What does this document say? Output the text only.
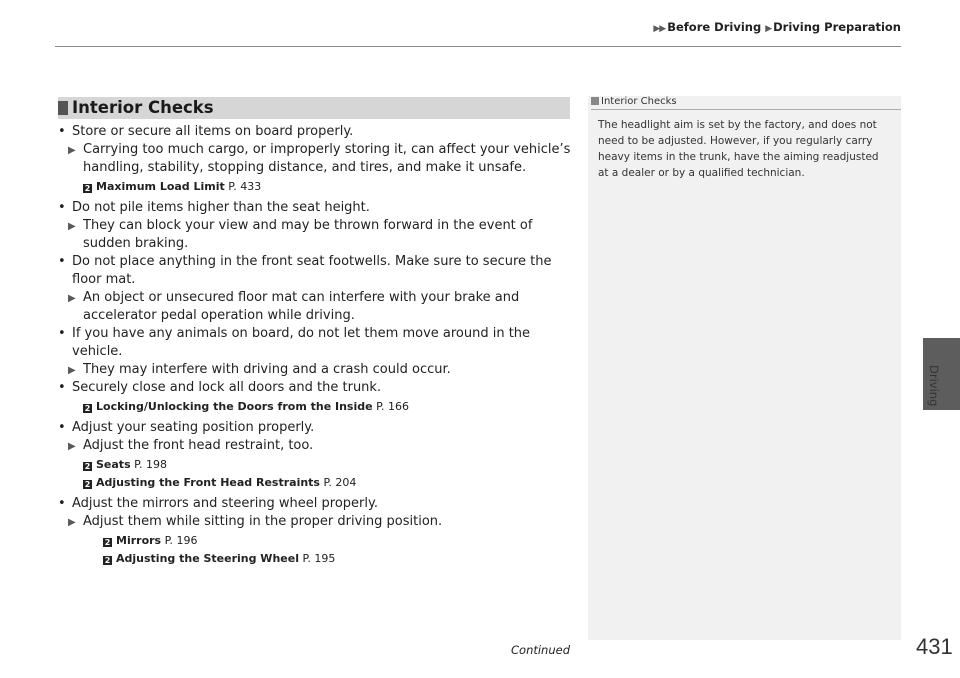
▶▶ Before Driving ▶ Driving Preparation
Interior Checks
• Store or secure all items on board properly.
▶ Carrying too much cargo, or improperly storing it, can affect your vehicle’s handling, stability, stopping distance, and tires, and make it unsafe.
2 Maximum Load Limit P. 433
• Do not pile items higher than the seat height.
▶ They can block your view and may be thrown forward in the event of sudden braking.
• Do not place anything in the front seat footwells. Make sure to secure the floor mat.
▶ An object or unsecured floor mat can interfere with your brake and accelerator pedal operation while driving.
• If you have any animals on board, do not let them move around in the vehicle.
▶ They may interfere with driving and a crash could occur.
• Securely close and lock all doors and the trunk.
2 Locking/Unlocking the Doors from the Inside P. 166
• Adjust your seating position properly.
▶ Adjust the front head restraint, too.
2 Seats P. 198
2 Adjusting the Front Head Restraints P. 204
• Adjust the mirrors and steering wheel properly.
▶ Adjust them while sitting in the proper driving position.
2 Mirrors P. 196
2 Adjusting the Steering Wheel P. 195
Interior Checks
The headlight aim is set by the factory, and does not need to be adjusted. However, if you regularly carry heavy items in the trunk, have the aiming readjusted at a dealer or by a qualified technician.
Driving
Continued	431
